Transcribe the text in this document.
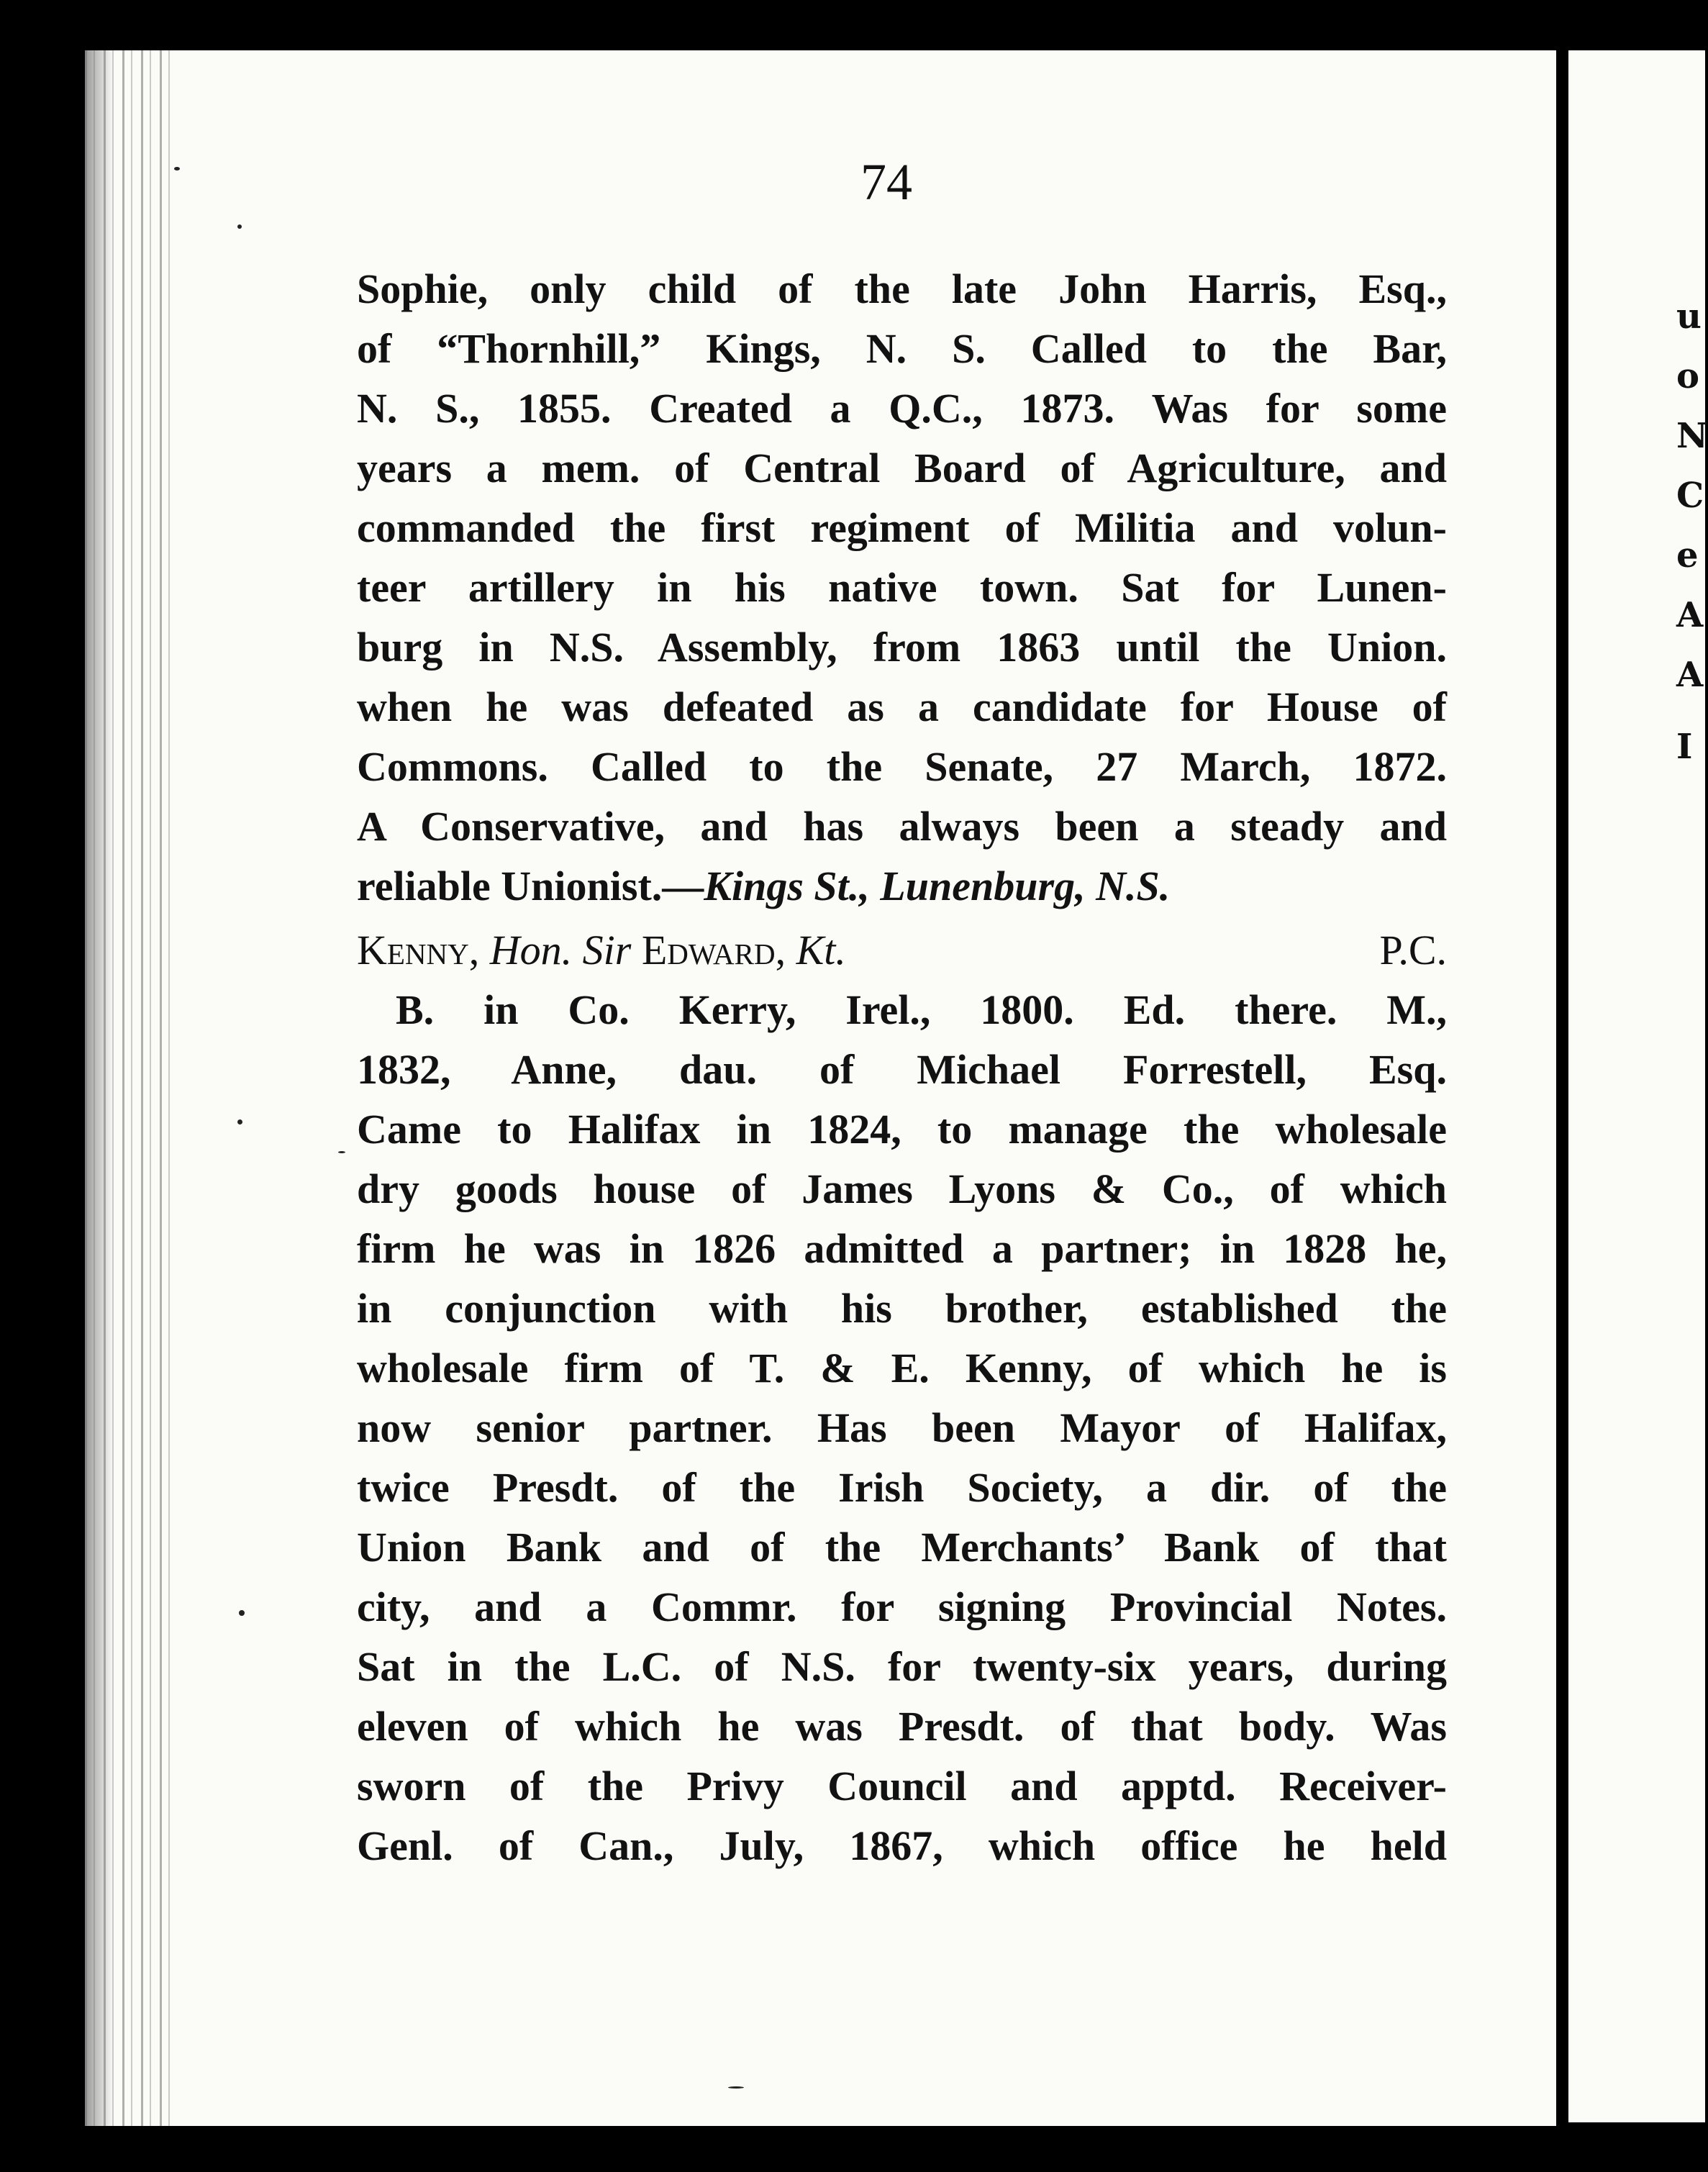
u
o
N
C
e
A
A
I
74
Sophie, only child of the late John Harris, Esq.,
of “Thornhill,” Kings, N. S. Called to the Bar,
N. S., 1855. Created a Q.C., 1873. Was for some
years a mem. of Central Board of Agriculture, and
commanded the first regiment of Militia and volun-
teer artillery in his native town. Sat for Lunen-
burg in N.S. Assembly, from 1863 until the Union.
when he was defeated as a candidate for House of
Commons. Called to the Senate, 27 March, 1872.
A Conservative, and has always been a steady and
reliable Unionist.—Kings St., Lunenburg, N.S.
Kenny, Hon. Sir Edward, Kt.	P.C.
B. in Co. Kerry, Irel., 1800. Ed. there. M.,
1832, Anne, dau. of Michael Forrestell, Esq.
Came to Halifax in 1824, to manage the wholesale
dry goods house of James Lyons & Co., of which
firm he was in 1826 admitted a partner; in 1828 he,
in conjunction with his brother, established the
wholesale firm of T. & E. Kenny, of which he is
now senior partner. Has been Mayor of Halifax,
twice Presdt. of the Irish Society, a dir. of the
Union Bank and of the Merchants’ Bank of that
city, and a Commr. for signing Provincial Notes.
Sat in the L.C. of N.S. for twenty-six years, during
eleven of which he was Presdt. of that body. Was
sworn of the Privy Council and apptd. Receiver-
Genl. of Can., July, 1867, which office he held
